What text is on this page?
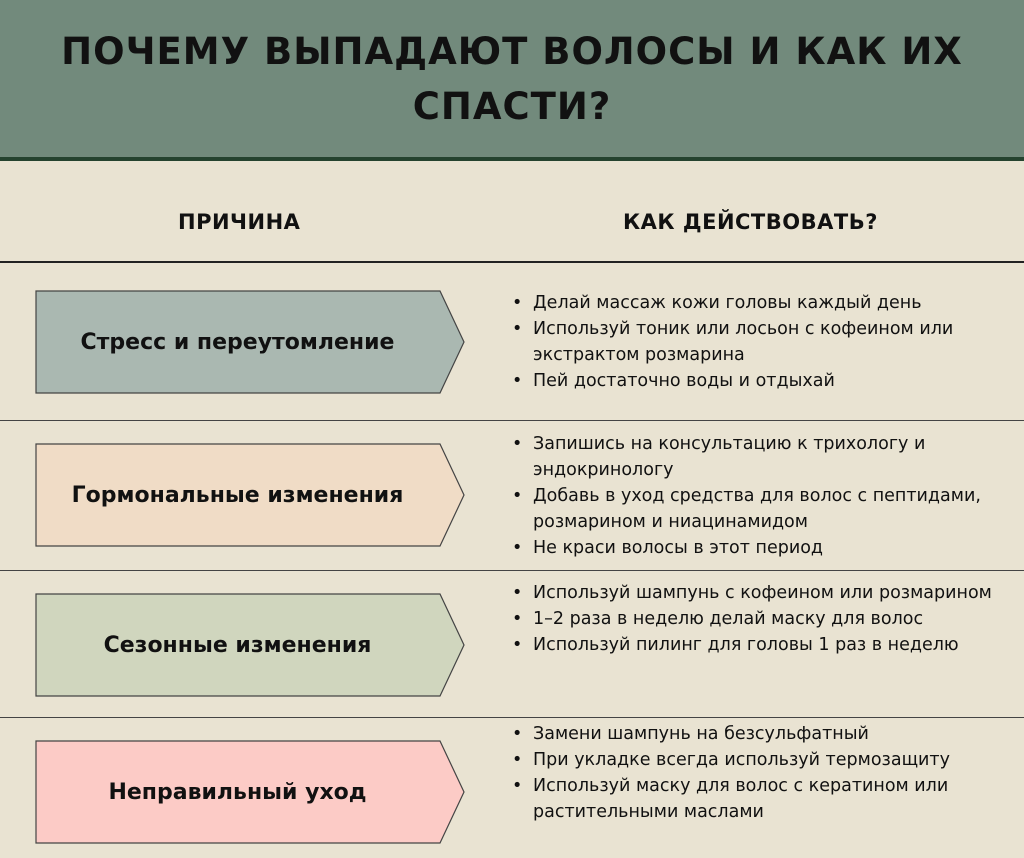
ПОЧЕМУ ВЫПАДАЮТ ВОЛОСЫ И КАК ИХ СПАСТИ?
ПРИЧИНА	КАК ДЕЙСТВОВАТЬ?
Стресс и переутомление
• Делай массаж кожи головы каждый день
• Используй тоник или лосьон с кофеином или экстрактом розмарина
• Пей достаточно воды и отдыхай
Гормональные изменения
• Запишись на консультацию к трихологу и эндокринологу
• Добавь в уход средства для волос с пептидами, розмарином и ниацинамидом
• Не краси волосы в этот период
Сезонные изменения
• Используй шампунь с кофеином или розмарином
• 1–2 раза в неделю делай маску для волос
• Используй пилинг для головы 1 раз в неделю
Неправильный уход
• Замени шампунь на безсульфатный
• При укладке всегда используй термозащиту
• Используй маску для волос с кератином или растительными маслами
